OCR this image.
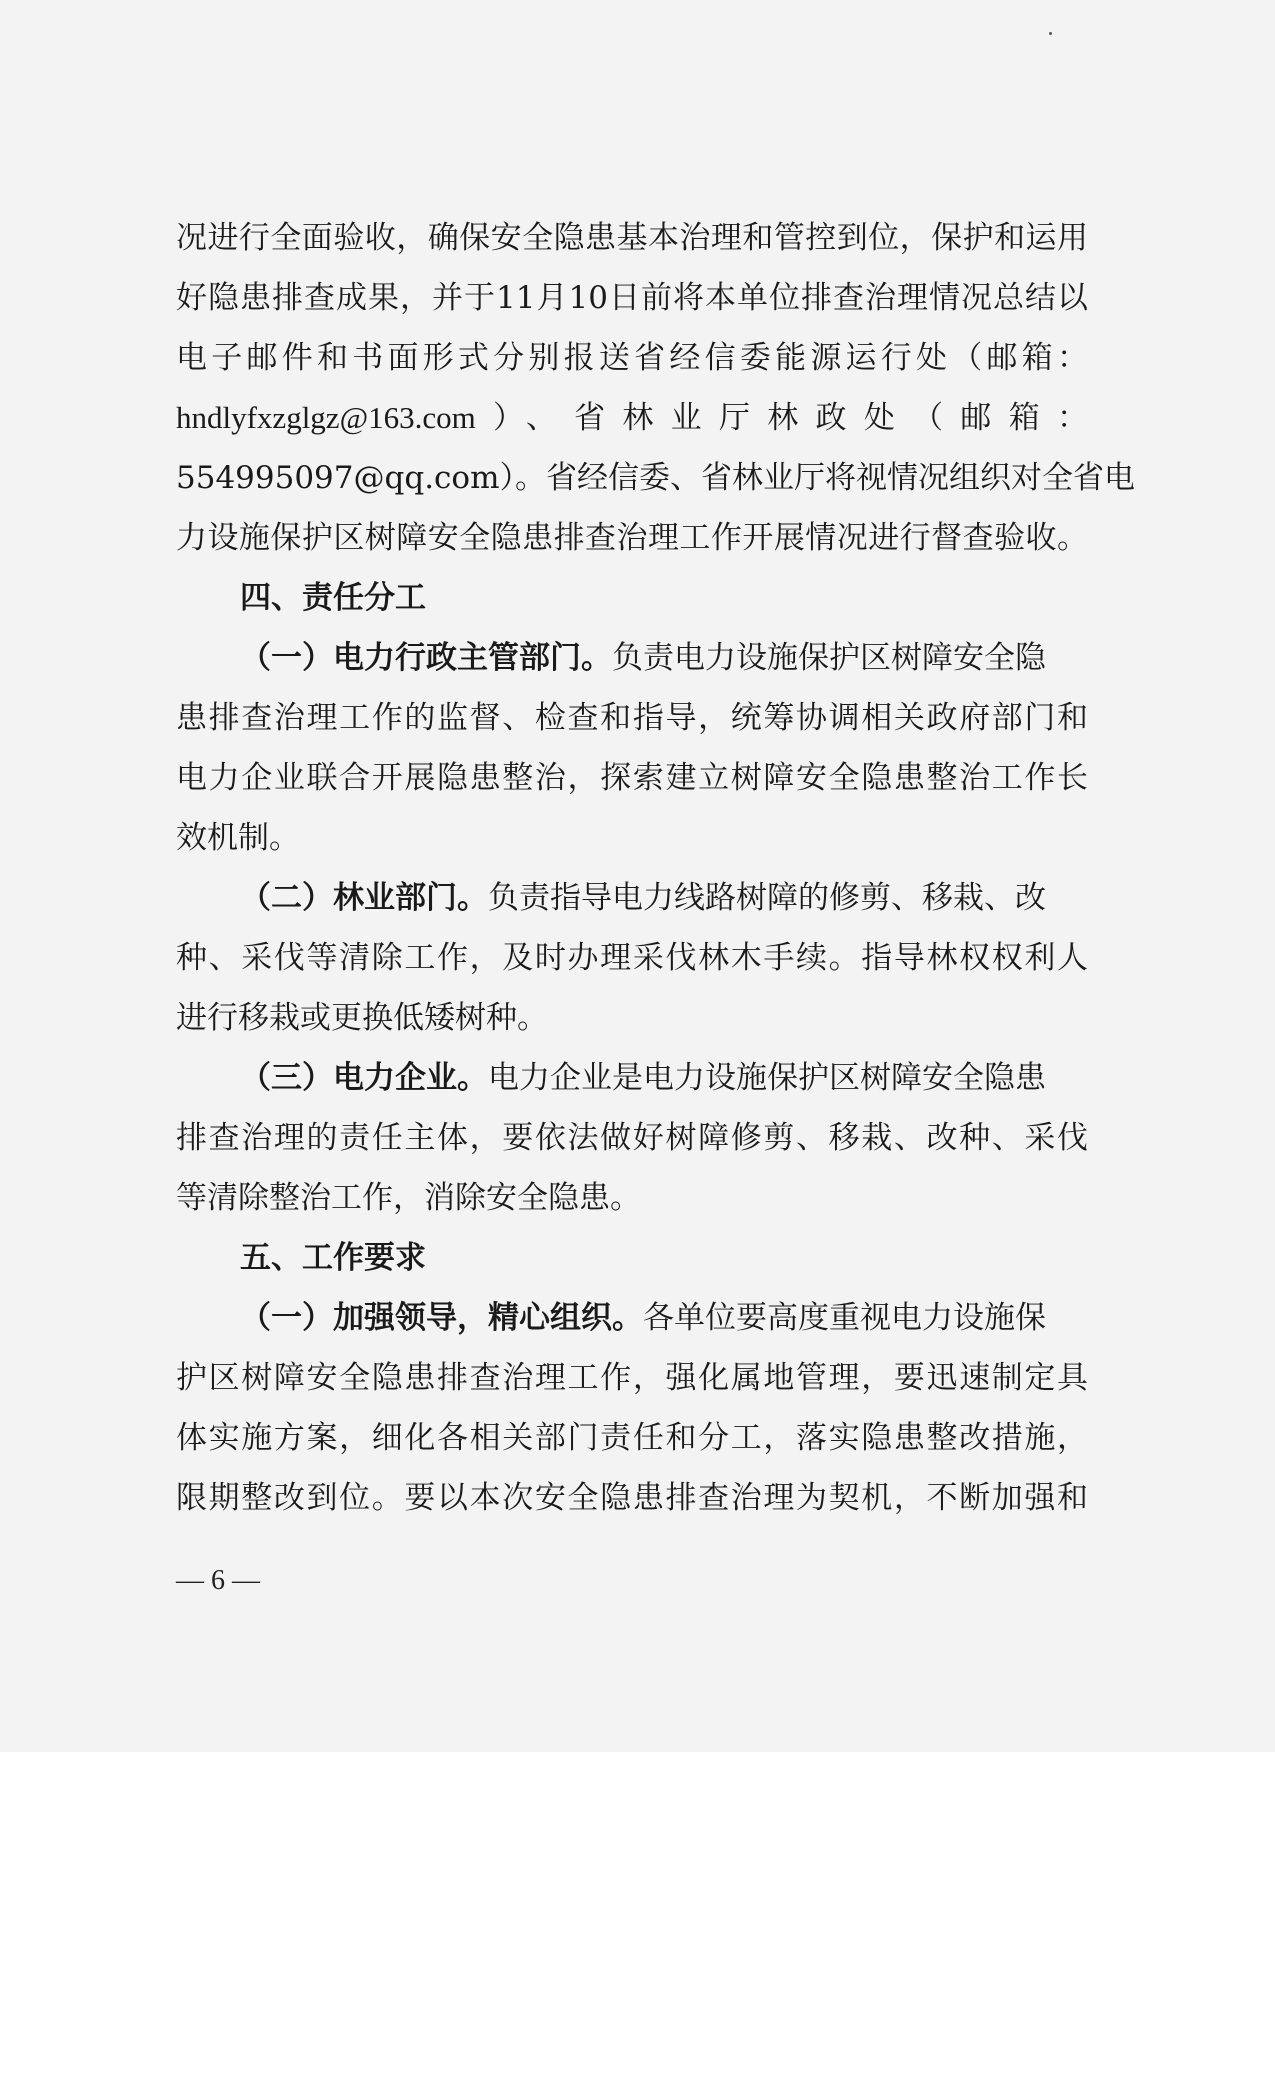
况进行全面验收，确保安全隐患基本治理和管控到位，保护和运用
好隐患排查成果，并于11月10日前将本单位排查治理情况总结以
电子邮件和书面形式分别报送省经信委能源运行处（邮箱：
hndlyfxzglgz@163.com）、省林业厅林政处（邮箱：
554995097@qq.com）。省经信委、省林业厅将视情况组织对全省电
力设施保护区树障安全隐患排查治理工作开展情况进行督查验收。
四、责任分工
（一）电力行政主管部门。负责电力设施保护区树障安全隐
患排查治理工作的监督、检查和指导，统筹协调相关政府部门和
电力企业联合开展隐患整治，探索建立树障安全隐患整治工作长
效机制。
（二）林业部门。负责指导电力线路树障的修剪、移栽、改
种、采伐等清除工作，及时办理采伐林木手续。指导林权权利人
进行移栽或更换低矮树种。
（三）电力企业。电力企业是电力设施保护区树障安全隐患
排查治理的责任主体，要依法做好树障修剪、移栽、改种、采伐
等清除整治工作，消除安全隐患。
五、工作要求
（一）加强领导，精心组织。各单位要高度重视电力设施保
护区树障安全隐患排查治理工作，强化属地管理，要迅速制定具
体实施方案，细化各相关部门责任和分工，落实隐患整改措施，
限期整改到位。要以本次安全隐患排查治理为契机，不断加强和
— 6 —
